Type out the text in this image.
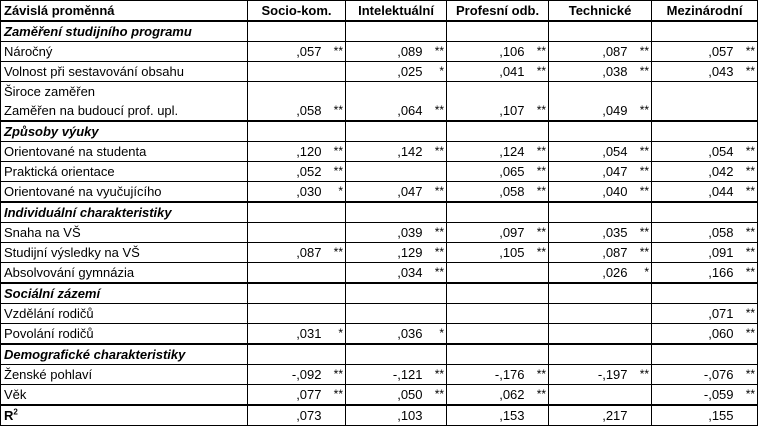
Závislá proměnná	Socio-kom.		Intelektuální		Profesní odb.		Technické		Mezinárodní	
Zaměření studijního programu										
Náročný	,057	**	,089	**	,106	**	,087	**	,057	**
Volnost při sestavování obsahu			,025	*	,041	**	,038	**	,043	**
Široce zaměřen										
Zaměřen na budoucí prof. upl.	,058	**	,064	**	,107	**	,049	**		
Způsoby výuky										
Orientované na studenta	,120	**	,142	**	,124	**	,054	**	,054	**
Praktická orientace	,052	**			,065	**	,047	**	,042	**
Orientované na vyučujícího	,030	*	,047	**	,058	**	,040	**	,044	**
Individuální charakteristiky										
Snaha na VŠ			,039	**	,097	**	,035	**	,058	**
Studijní výsledky na VŠ	,087	**	,129	**	,105	**	,087	**	,091	**
Absolvování gymnázia			,034	**			,026	*	,166	**
Sociální zázemí										
Vzdělání rodičů									,071	**
Povolání rodičů	,031	*	,036	*					,060	**
Demografické charakteristiky										
Ženské pohlaví	-,092	**	-,121	**	-,176	**	-,197	**	-,076	**
Věk	,077	**	,050	**	,062	**			-,059	**
$R^2$	,073		,103		,153		,217		,155	
